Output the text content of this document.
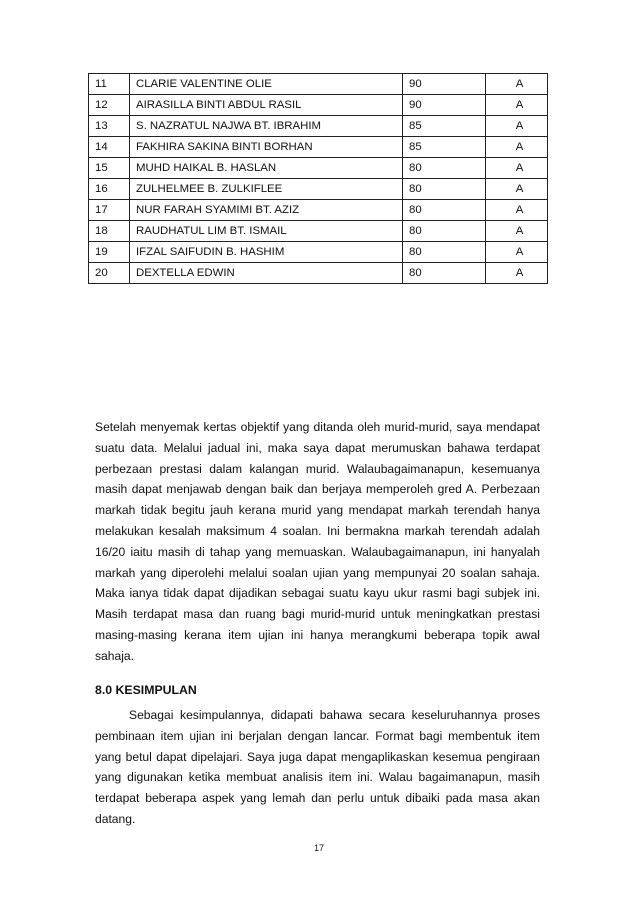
11	CLARIE VALENTINE OLIE	90	A
12	AIRASILLA BINTI ABDUL RASIL	90	A
13	S. NAZRATUL NAJWA BT. IBRAHIM	85	A
14	FAKHIRA SAKINA BINTI BORHAN	85	A
15	MUHD HAIKAL B. HASLAN	80	A
16	ZULHELMEE B. ZULKIFLEE	80	A
17	NUR FARAH SYAMIMI BT. AZIZ	80	A
18	RAUDHATUL LIM BT. ISMAIL	80	A
19	IFZAL SAIFUDIN B. HASHIM	80	A
20	DEXTELLA EDWIN	80	A

Setelah menyemak kertas objektif yang ditanda oleh murid-murid, saya mendapat suatu data. Melalui jadual ini, maka saya dapat merumuskan bahawa terdapat perbezaan prestasi dalam kalangan murid. Walaubagaimanapun, kesemuanya masih dapat menjawab dengan baik dan berjaya memperoleh gred A. Perbezaan markah tidak begitu jauh kerana murid yang mendapat markah terendah hanya melakukan kesalah maksimum 4 soalan. Ini bermakna markah terendah adalah 16/20 iaitu masih di tahap yang memuaskan. Walaubagaimanapun, ini hanyalah markah yang diperolehi melalui soalan ujian yang mempunyai 20 soalan sahaja. Maka ianya tidak dapat dijadikan sebagai suatu kayu ukur rasmi bagi subjek ini. Masih terdapat masa dan ruang bagi murid-murid untuk meningkatkan prestasi masing-masing kerana item ujian ini hanya merangkumi beberapa topik awal sahaja.

8.0 KESIMPULAN

Sebagai kesimpulannya, didapati bahawa secara keseluruhannya proses pembinaan item ujian ini berjalan dengan lancar. Format bagi membentuk item yang betul dapat dipelajari. Saya juga dapat mengaplikaskan kesemua pengiraan yang digunakan ketika membuat analisis item ini. Walau bagaimanapun, masih terdapat beberapa aspek yang lemah dan perlu untuk dibaiki pada masa akan datang.

17
